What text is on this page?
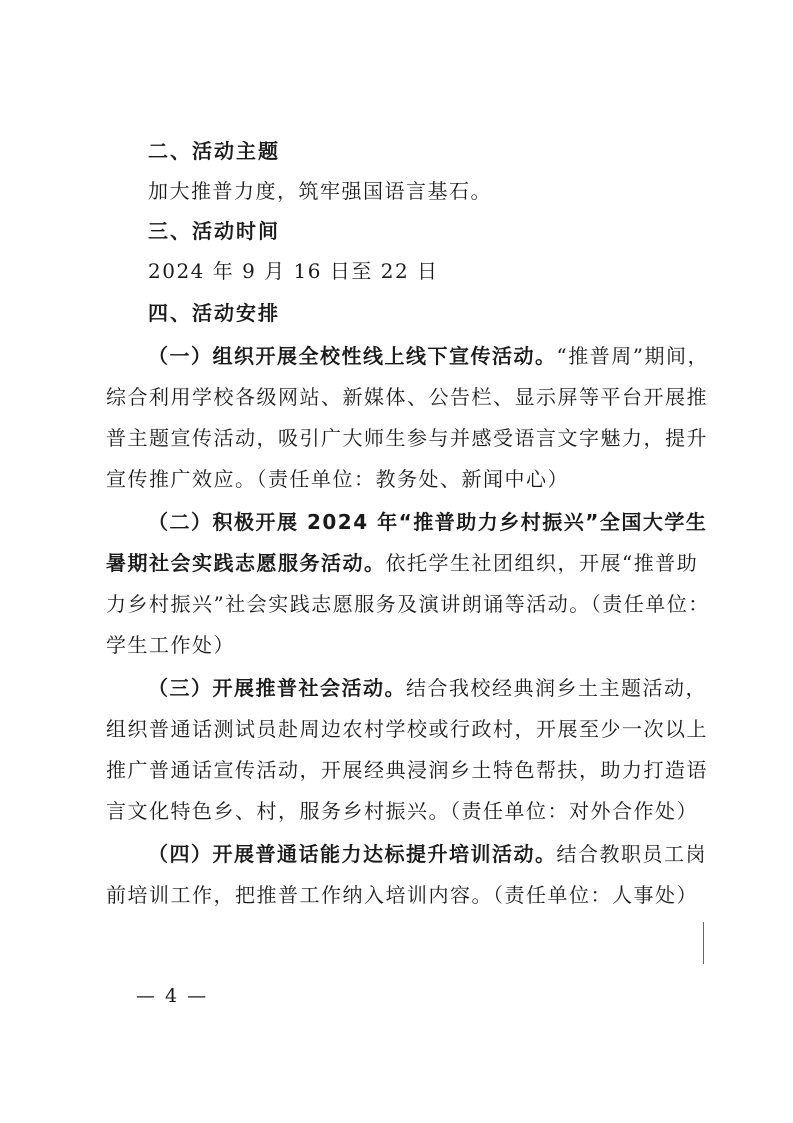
二、活动主题
加大推普力度，筑牢强国语言基石。
三、活动时间
2024 年 9 月 16 日至 22 日
四、活动安排
（一）组织开展全校性线上线下宣传活动。“推普周”期间，
综合利用学校各级网站、新媒体、公告栏、显示屏等平台开展推
普主题宣传活动，吸引广大师生参与并感受语言文字魅力，提升
宣传推广效应。（责任单位：教务处、新闻中心）
（二）积极开展 2024 年“推普助力乡村振兴”全国大学生
暑期社会实践志愿服务活动。依托学生社团组织，开展“推普助
力乡村振兴”社会实践志愿服务及演讲朗诵等活动。（责任单位：
学生工作处）
（三）开展推普社会活动。结合我校经典润乡土主题活动，
组织普通话测试员赴周边农村学校或行政村，开展至少一次以上
推广普通话宣传活动，开展经典浸润乡土特色帮扶，助力打造语
言文化特色乡、村，服务乡村振兴。（责任单位：对外合作处）
（四）开展普通话能力达标提升培训活动。结合教职员工岗
前培训工作，把推普工作纳入培训内容。（责任单位：人事处）
— 4 —
